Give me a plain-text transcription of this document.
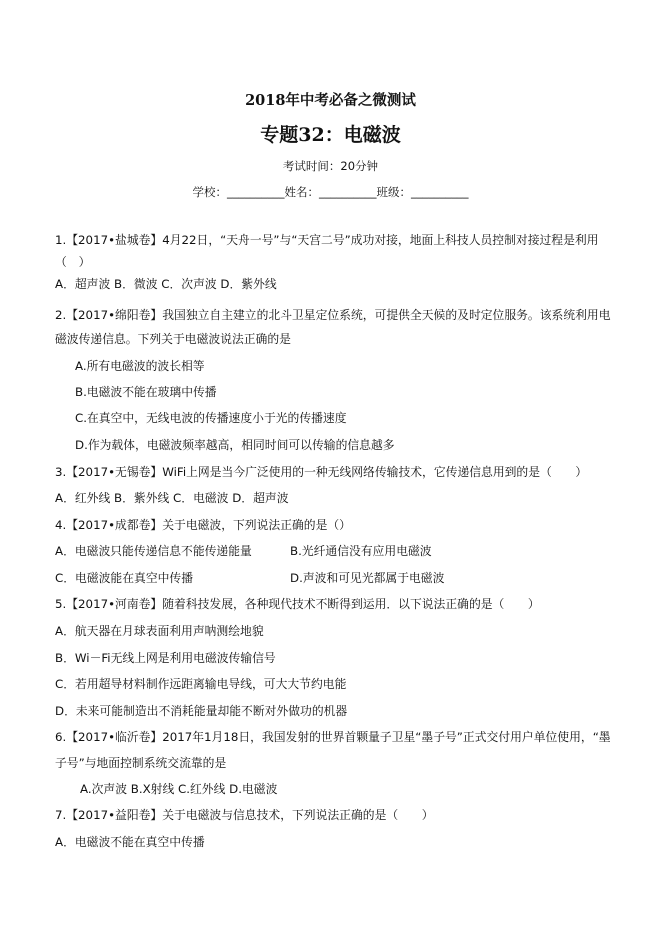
2018年中考必备之微测试
专题32：电磁波
考试时间：20分钟
学校：__________姓名：__________班级：__________
1.【2017•盐城卷】4月22日，“天舟一号”与“天宫二号”成功对接，地面上科技人员控制对接过程是利用
（　）
A．超声波 B．微波 C．次声波 D．紫外线
2.【2017•绵阳卷】我国独立自主建立的北斗卫星定位系统，可提供全天候的及时定位服务。该系统利用电
磁波传递信息。下列关于电磁波说法正确的是
A.所有电磁波的波长相等
B.电磁波不能在玻璃中传播
C.在真空中，无线电波的传播速度小于光的传播速度
D.作为载体，电磁波频率越高，相同时间可以传输的信息越多
3.【2017•无锡卷】WiFi上网是当今广泛使用的一种无线网络传输技术，它传递信息用到的是（　　）
A．红外线 B．紫外线 C．电磁波 D．超声波
4.【2017•成都卷】关于电磁波，下列说法正确的是（）
A．电磁波只能传递信息不能传递能量	B.光纤通信没有应用电磁波
C．电磁波能在真空中传播	D.声波和可见光都属于电磁波
5.【2017•河南卷】随着科技发展，各种现代技术不断得到运用．以下说法正确的是（　　）
A．航天器在月球表面利用声呐测绘地貌
B．Wi－Fi无线上网是利用电磁波传输信号
C．若用超导材料制作远距离输电导线，可大大节约电能
D．未来可能制造出不消耗能量却能不断对外做功的机器
6.【2017•临沂卷】2017年1月18日，我国发射的世界首颗量子卫星“墨子号”正式交付用户单位使用，“墨
子号”与地面控制系统交流靠的是
A.次声波 B.X射线 C.红外线 D.电磁波
7.【2017•益阳卷】关于电磁波与信息技术，下列说法正确的是（　　）
A．电磁波不能在真空中传播
